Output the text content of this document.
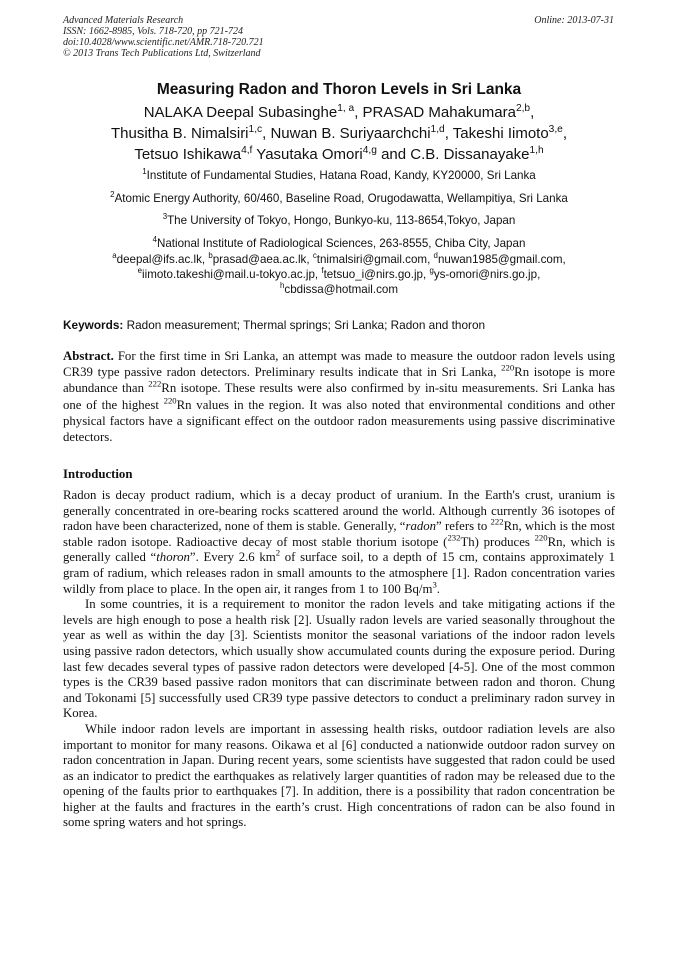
Advanced Materials Research
ISSN: 1662-8985, Vols. 718-720, pp 721-724
doi:10.4028/www.scientific.net/AMR.718-720.721
© 2013 Trans Tech Publications Ltd, Switzerland
Online: 2013-07-31
Measuring Radon and Thoron Levels in Sri Lanka
NALAKA Deepal Subasinghe$^{1, a}$, PRASAD Mahakumara$^{2,b}$,
Thusitha B. Nimalsiri$^{1,c}$, Nuwan B. Suriyaarchchi$^{1,d}$, Takeshi Iimoto$^{3,e}$,
Tetsuo Ishikawa$^{4,f}$ Yasutaka Omori$^{4,g}$ and C.B. Dissanayake$^{1,h}$
$^1$Institute of Fundamental Studies, Hatana Road, Kandy, KY20000, Sri Lanka
$^2$Atomic Energy Authority, 60/460, Baseline Road, Orugodawatta, Wellampitiya, Sri Lanka
$^3$The University of Tokyo, Hongo, Bunkyo-ku, 113-8654,Tokyo, Japan
$^4$National Institute of Radiological Sciences, 263-8555, Chiba City, Japan
$^a$deepal@ifs.ac.lk, $^b$prasad@aea.ac.lk, $^c$tnimalsiri@gmail.com, $^d$nuwan1985@gmail.com,
$^e$iimoto.takeshi@mail.u-tokyo.ac.jp, $^f$tetsuo_i@nirs.go.jp, $^g$ys-omori@nirs.go.jp,
$^h$cbdissa@hotmail.com
Keywords: Radon measurement; Thermal springs; Sri Lanka; Radon and thoron
Abstract. For the first time in Sri Lanka, an attempt was made to measure the outdoor radon levels using CR39 type passive radon detectors. Preliminary results indicate that in Sri Lanka, $^{220}$Rn isotope is more abundance than $^{222}$Rn isotope. These results were also confirmed by in-situ measurements. Sri Lanka has one of the highest $^{220}$Rn values in the region. It was also noted that environmental conditions and other physical factors have a significant effect on the outdoor radon measurements using passive discriminative detectors.
Introduction

Radon is decay product radium, which is a decay product of uranium. In the Earth's crust, uranium is generally concentrated in ore-bearing rocks scattered around the world. Although currently 36 isotopes of radon have been characterized, none of them is stable. Generally, “radon” refers to $^{222}$Rn, which is the most stable radon isotope. Radioactive decay of most stable thorium isotope ($^{232}$Th) produces $^{220}$Rn, which is generally called “thoron”. Every 2.6 $km^2$ of surface soil, to a depth of 15 cm, contains approximately 1 gram of radium, which releases radon in small amounts to the atmosphere [1]. Radon concentration varies wildly from place to place. In the open air, it ranges from 1 to 100 $Bq/m^3$.

In some countries, it is a requirement to monitor the radon levels and take mitigating actions if the levels are high enough to pose a health risk [2]. Usually radon levels are varied seasonally throughout the year as well as within the day [3]. Scientists monitor the seasonal variations of the indoor radon levels using passive radon detectors, which usually show accumulated counts during the exposure period. During last few decades several types of passive radon detectors were developed [4-5]. One of the most common types is the CR39 based passive radon monitors that can discriminate between radon and thoron. Chung and Tokonami [5] successfully used CR39 type passive detectors to conduct a preliminary radon survey in Korea.

While indoor radon levels are important in assessing health risks, outdoor radiation levels are also important to monitor for many reasons. Oikawa et al [6] conducted a nationwide outdoor radon survey on radon concentration in Japan. During recent years, some scientists have suggested that radon could be used as an indicator to predict the earthquakes as relatively larger quantities of radon may be released due to the opening of the faults prior to earthquakes [7]. In addition, there is a possibility that radon concentration be higher at the faults and fractures in the earth’s crust. High concentrations of radon can be also found in some spring waters and hot springs.
